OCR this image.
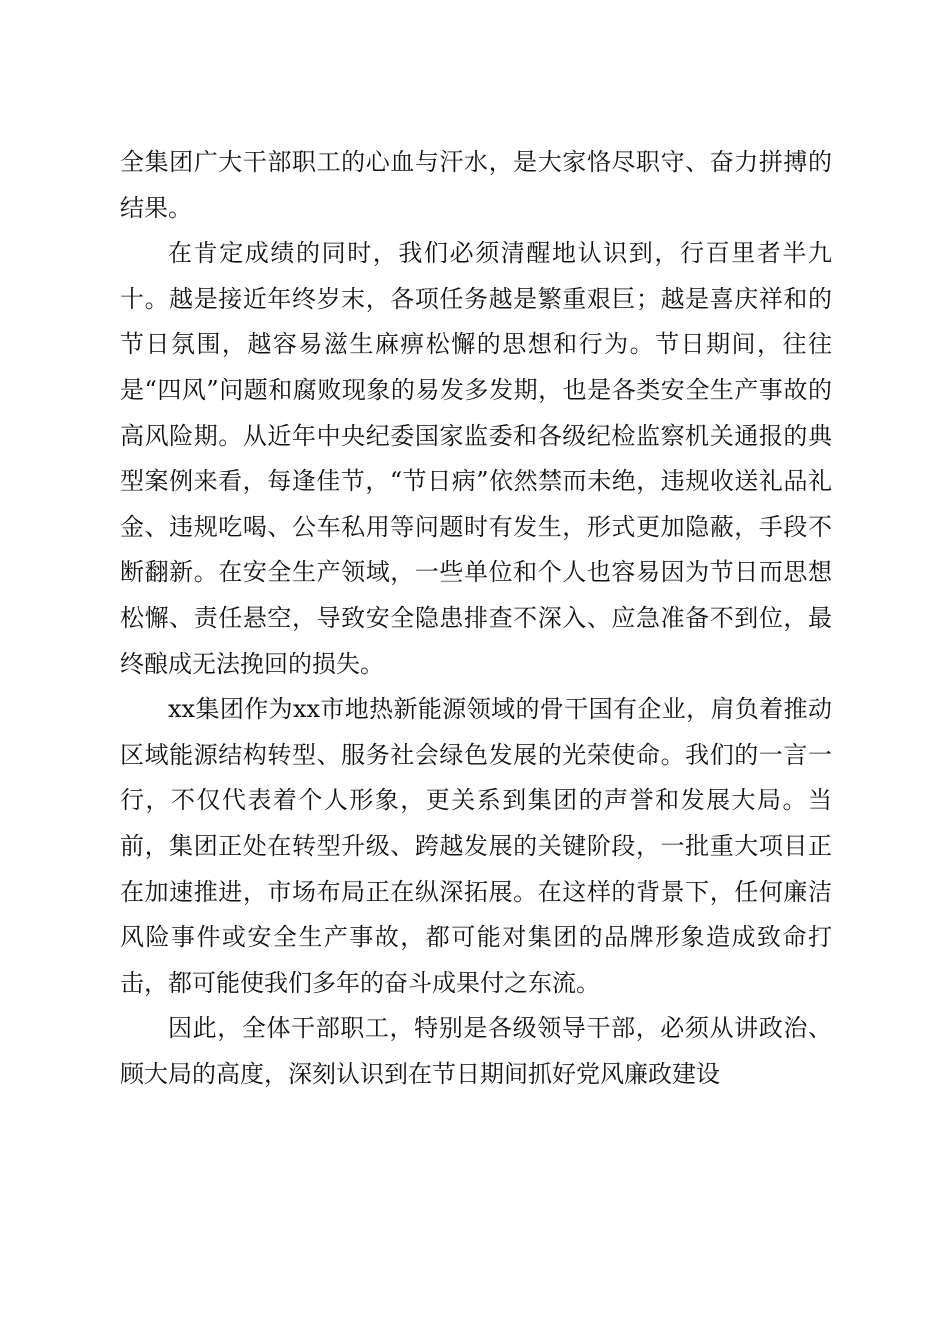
全集团广大干部职工的心血与汗水，是大家恪尽职守、奋力拼搏的结果。

在肯定成绩的同时，我们必须清醒地认识到，行百里者半九十。越是接近年终岁末，各项任务越是繁重艰巨；越是喜庆祥和的节日氛围，越容易滋生麻痹松懈的思想和行为。节日期间，往往是“四风”问题和腐败现象的易发多发期，也是各类安全生产事故的高风险期。从近年中央纪委国家监委和各级纪检监察机关通报的典型案例来看，每逢佳节，“节日病”依然禁而未绝，违规收送礼品礼金、违规吃喝、公车私用等问题时有发生，形式更加隐蔽，手段不断翻新。在安全生产领域，一些单位和个人也容易因为节日而思想松懈、责任悬空，导致安全隐患排查不深入、应急准备不到位，最终酿成无法挽回的损失。

xx集团作为xx市地热新能源领域的骨干国有企业，肩负着推动区域能源结构转型、服务社会绿色发展的光荣使命。我们的一言一行，不仅代表着个人形象，更关系到集团的声誉和发展大局。当前，集团正处在转型升级、跨越发展的关键阶段，一批重大项目正在加速推进，市场布局正在纵深拓展。在这样的背景下，任何廉洁风险事件或安全生产事故，都可能对集团的品牌形象造成致命打击，都可能使我们多年的奋斗成果付之东流。

因此，全体干部职工，特别是各级领导干部，必须从讲政治、顾大局的高度，深刻认识到在节日期间抓好党风廉政建设
